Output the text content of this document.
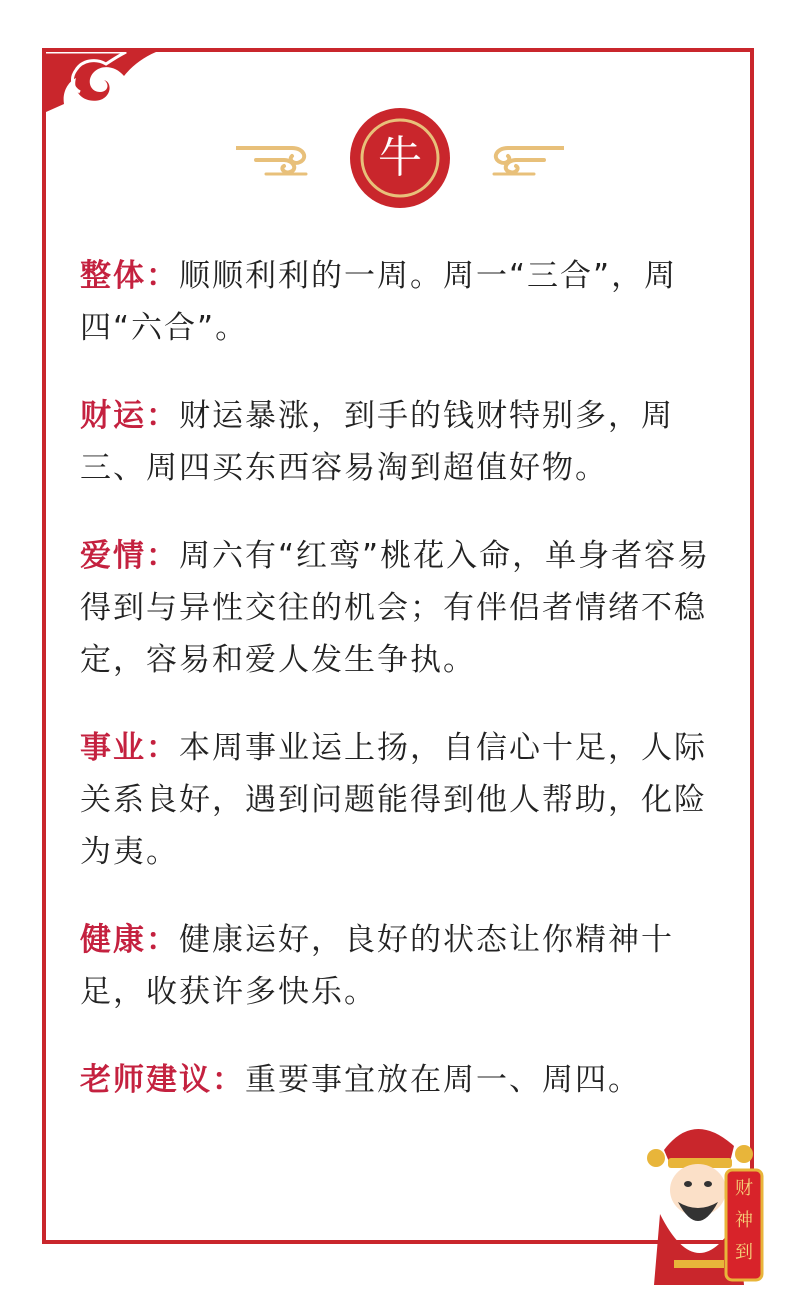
牛
整体：顺顺利利的一周。周一“三合”，周四“六合”。
财运：财运暴涨，到手的钱财特别多，周三、周四买东西容易淘到超值好物。
爱情：周六有“红鸾”桃花入命，单身者容易得到与异性交往的机会；有伴侣者情绪不稳定，容易和爱人发生争执。
事业：本周事业运上扬，自信心十足，人际关系良好，遇到问题能得到他人帮助，化险为夷。
健康：健康运好，良好的状态让你精神十足，收获许多快乐。
老师建议：重要事宜放在周一、周四。
财
神
到
